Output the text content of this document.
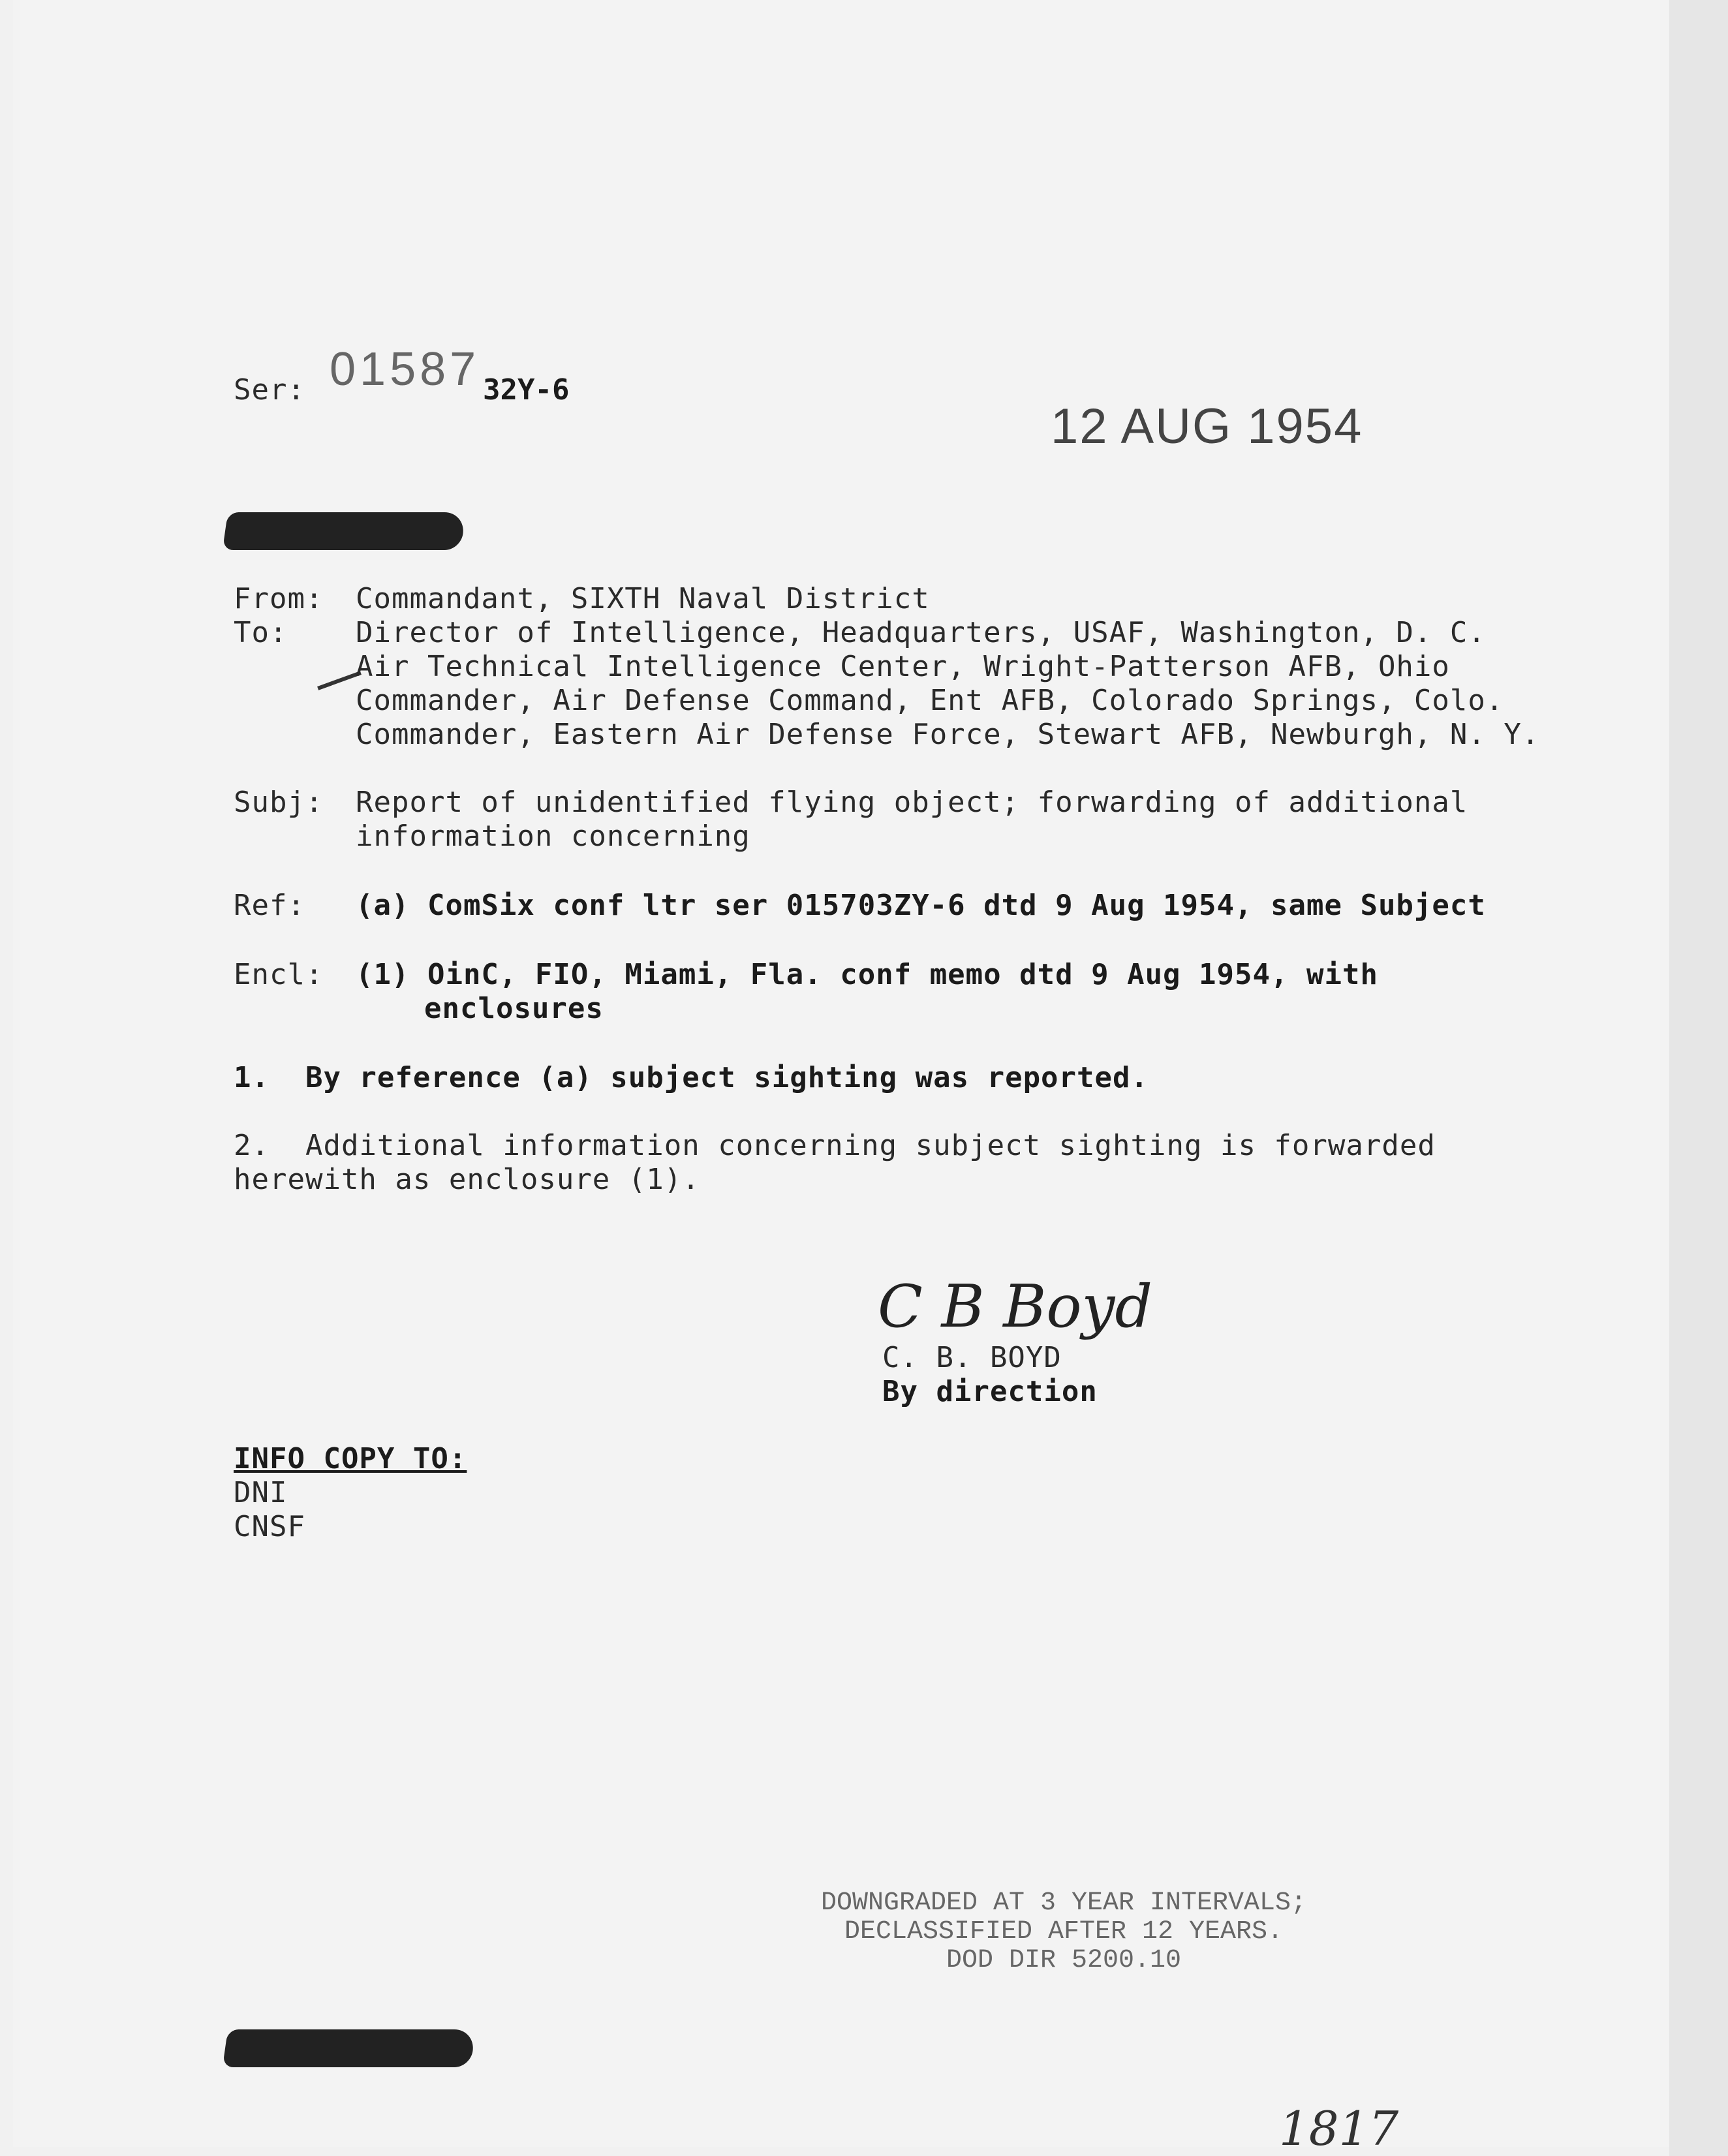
Ser: 01587 32Y-6
12 AUG 1954
From: Commandant, SIXTH Naval District
To: Director of Intelligence, Headquarters, USAF, Washington, D. C.
Air Technical Intelligence Center, Wright-Patterson AFB, Ohio
Commander, Air Defense Command, Ent AFB, Colorado Springs, Colo.
Commander, Eastern Air Defense Force, Stewart AFB, Newburgh, N. Y.
Subj: Report of unidentified flying object; forwarding of additional
information concerning
Ref: (a) ComSix conf ltr ser 015703ZY-6 dtd 9 Aug 1954, same Subject
Encl: (1) OinC, FIO, Miami, Fla. conf memo dtd 9 Aug 1954, with
enclosures
1.  By reference (a) subject sighting was reported.
2.  Additional information concerning subject sighting is forwarded
herewith as enclosure (1).
C B Boyd
C. B. BOYD
By direction
INFO COPY TO:
DNI
CNSF
DOWNGRADED AT 3 YEAR INTERVALS;
DECLASSIFIED AFTER 12 YEARS.
DOD DIR 5200.10
1817
